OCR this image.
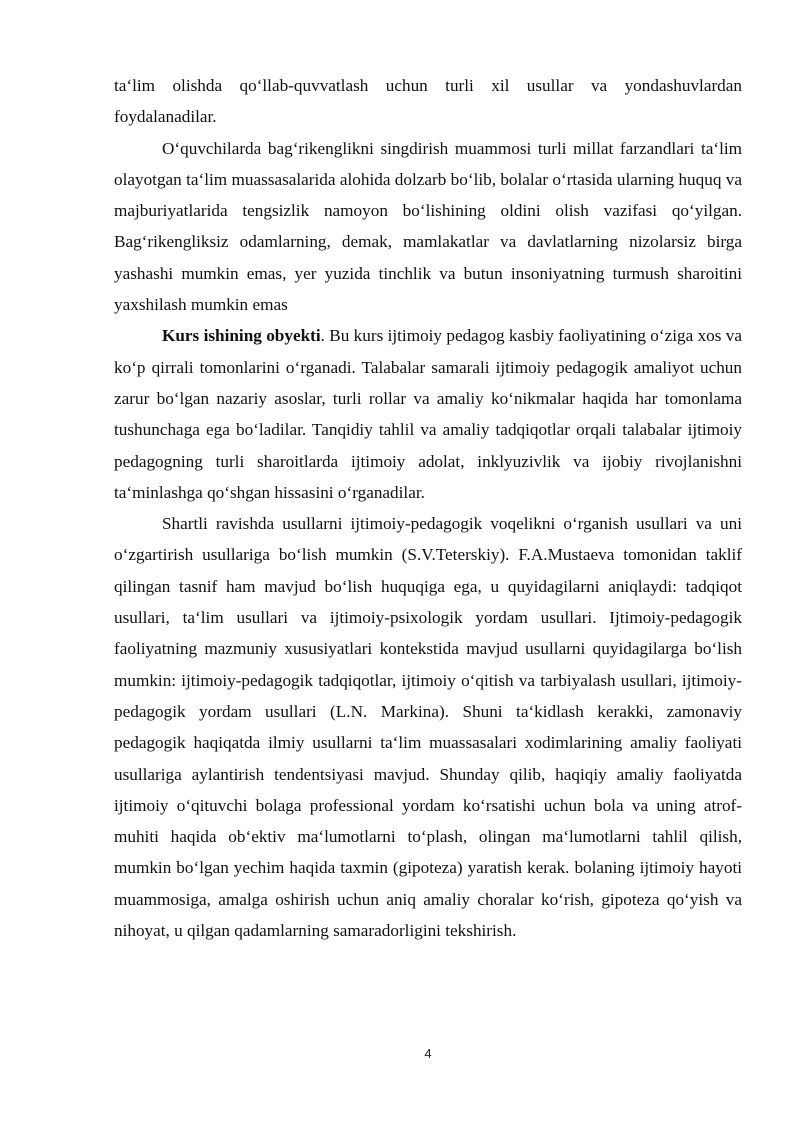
ta‘lim olishda qo‘llab-quvvatlash uchun turli xil usullar va yondashuvlardan foydalanadilar.

O‘quvchilarda bag‘rikenglikni singdirish muammosi turli millat farzandlari ta‘lim olayotgan ta‘lim muassasalarida alohida dolzarb bo‘lib, bolalar o‘rtasida ularning huquq va majburiyatlarida tengsizlik namoyon bo‘lishining oldini olish vazifasi qo‘yilgan. Bag‘rikengliksiz odamlarning, demak, mamlakatlar va davlatlarning nizolarsiz birga yashashi mumkin emas, yer yuzida tinchlik va butun insoniyatning turmush sharoitini yaxshilash mumkin emas

Kurs ishining obyekti. Bu kurs ijtimoiy pedagog kasbiy faoliyatining o‘ziga xos va ko‘p qirrali tomonlarini o‘rganadi. Talabalar samarali ijtimoiy pedagogik amaliyot uchun zarur bo‘lgan nazariy asoslar, turli rollar va amaliy ko‘nikmalar haqida har tomonlama tushunchaga ega bo‘ladilar. Tanqidiy tahlil va amaliy tadqiqotlar orqali talabalar ijtimoiy pedagogning turli sharoitlarda ijtimoiy adolat, inklyuzivlik va ijobiy rivojlanishni ta‘minlashga qo‘shgan hissasini o‘rganadilar.

Shartli ravishda usullarni ijtimoiy-pedagogik voqelikni o‘rganish usullari va uni o‘zgartirish usullariga bo‘lish mumkin (S.V.Teterskiy). F.A.Mustaeva tomonidan taklif qilingan tasnif ham mavjud bo‘lish huquqiga ega, u quyidagilarni aniqlaydi: tadqiqot usullari, ta‘lim usullari va ijtimoiy-psixologik yordam usullari. Ijtimoiy-pedagogik faoliyatning mazmuniy xususiyatlari kontekstida mavjud usullarni quyidagilarga bo‘lish mumkin: ijtimoiy-pedagogik tadqiqotlar, ijtimoiy o‘qitish va tarbiyalash usullari, ijtimoiy-pedagogik yordam usullari (L.N. Markina). Shuni ta‘kidlash kerakki, zamonaviy pedagogik haqiqatda ilmiy usullarni ta‘lim muassasalari xodimlarining amaliy faoliyati usullariga aylantirish tendentsiyasi mavjud. Shunday qilib, haqiqiy amaliy faoliyatda ijtimoiy o‘qituvchi bolaga professional yordam ko‘rsatishi uchun bola va uning atrof-muhiti haqida ob‘ektiv ma‘lumotlarni to‘plash, olingan ma‘lumotlarni tahlil qilish, mumkin bo‘lgan yechim haqida taxmin (gipoteza) yaratish kerak. bolaning ijtimoiy hayoti muammosiga, amalga oshirish uchun aniq amaliy choralar ko‘rish, gipoteza qo‘yish va nihoyat, u qilgan qadamlarning samaradorligini tekshirish.

4
